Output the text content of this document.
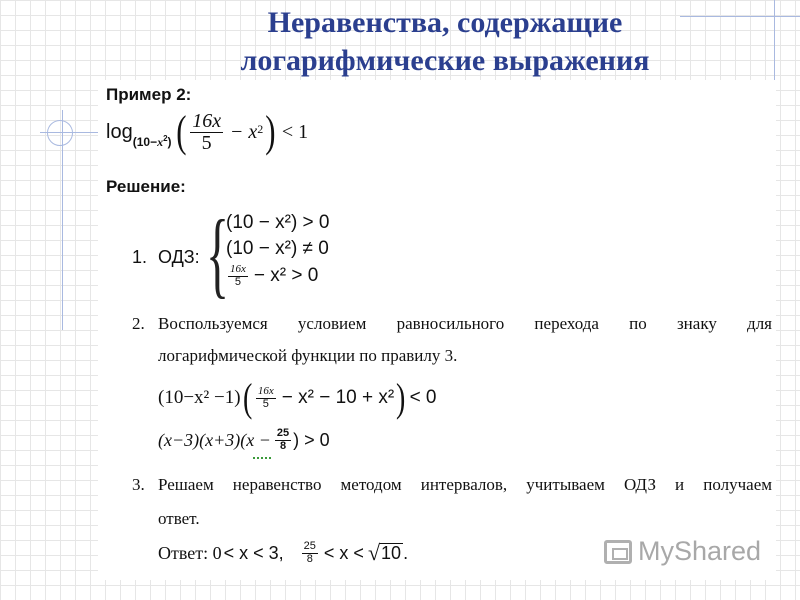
Неравенства, содержащие
логарифмические выражения
Пример 2:
$\log (10-x^2)$ ( $\frac{16x}{5} - x$ 2 ) < 1
Решение:
1. ОДЗ: {
(10 − x²) > 0
(10 − x²) ≠ 0
$\frac{16x}{5} - x^2 > 0$
2. Воспользуемся условием равносильного перехода по знаку для
логарифмической функции по правилу 3.
(10−x² −1) ( $\frac{16x}{5} - x^2 - 10 + x^2$ ) < 0
$(x-3)(x+3)(x - \frac{25}{8}$ ) > 0
3. Решаем неравенство методом интервалов, учитываем ОДЗ и получаем
ответ.
Ответ: 0 < x < 3, $\frac{25}{8} < x$ < √ 10 .	MyShared
